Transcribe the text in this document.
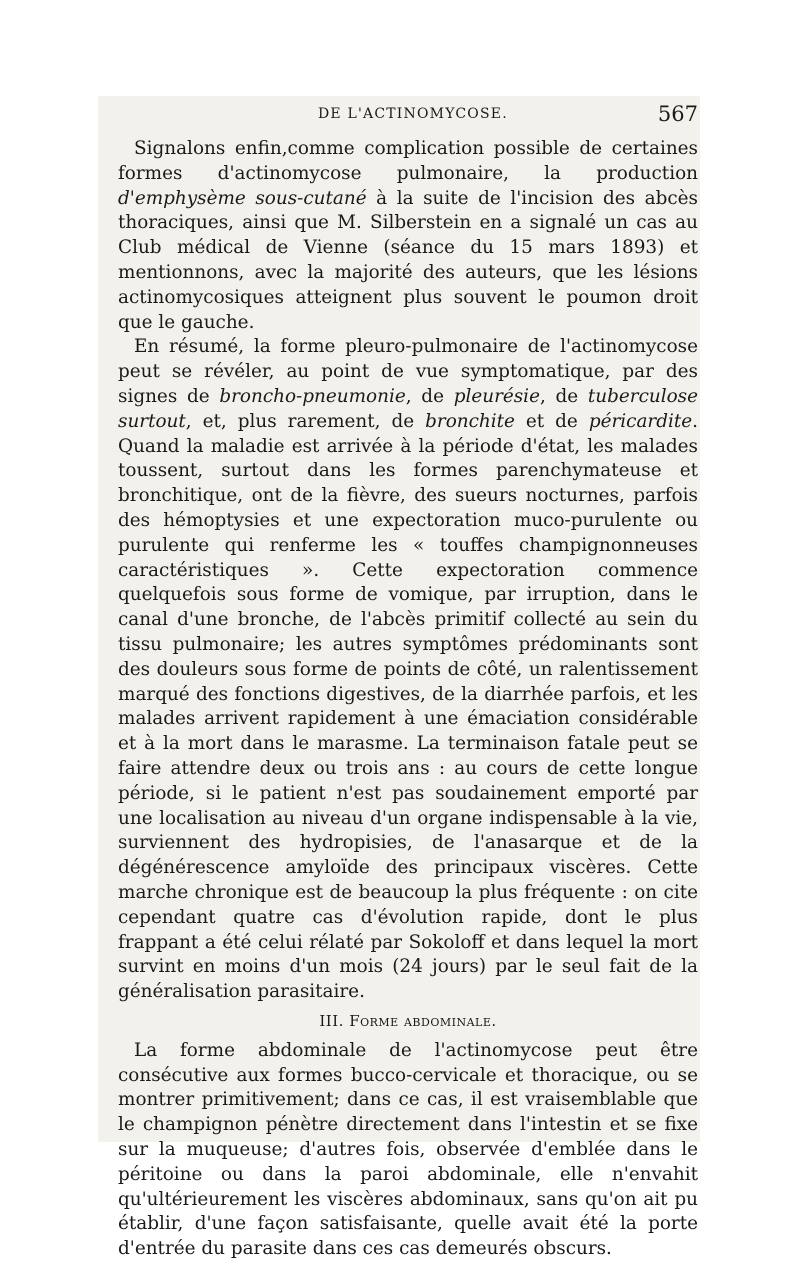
DE L'ACTINOMYCOSE.	567

Signalons enfin,comme complication possible de certaines formes d'actinomycose pulmonaire, la production d'emphysème sous-cutané à la suite de l'incision des abcès thoraciques, ainsi que M. Silberstein en a signalé un cas au Club médical de Vienne (séance du 15 mars 1893) et mentionnons, avec la majorité des auteurs, que les lésions actinomycosiques atteignent plus souvent le poumon droit que le gauche.

En résumé, la forme pleuro-pulmonaire de l'actinomycose peut se révéler, au point de vue symptomatique, par des signes de broncho-pneumonie, de pleurésie, de tuberculose surtout, et, plus rarement, de bronchite et de péricardite. Quand la maladie est arrivée à la période d'état, les malades toussent, surtout dans les formes parenchymateuse et bronchitique, ont de la fièvre, des sueurs nocturnes, parfois des hémoptysies et une expectoration muco-purulente ou purulente qui renferme les « touffes champignonneuses caractéristiques ». Cette expectoration commence quelquefois sous forme de vomique, par irruption, dans le canal d'une bronche, de l'abcès primitif collecté au sein du tissu pulmonaire; les autres symptômes prédominants sont des douleurs sous forme de points de côté, un ralentissement marqué des fonctions digestives, de la diarrhée parfois, et les malades arrivent rapidement à une émaciation considérable et à la mort dans le marasme. La terminaison fatale peut se faire attendre deux ou trois ans : au cours de cette longue période, si le patient n'est pas soudainement emporté par une localisation au niveau d'un organe indispensable à la vie, surviennent des hydropisies, de l'anasarque et de la dégénérescence amyloïde des principaux viscères. Cette marche chronique est de beaucoup la plus fréquente : on cite cependant quatre cas d'évolution rapide, dont le plus frappant a été celui rélaté par Sokoloff et dans lequel la mort survint en moins d'un mois (24 jours) par le seul fait de la généralisation parasitaire.

III. Forme abdominale.

La forme abdominale de l'actinomycose peut être consécutive aux formes bucco-cervicale et thoracique, ou se montrer primitivement; dans ce cas, il est vraisemblable que le champignon pénètre directement dans l'intestin et se fixe sur la muqueuse; d'autres fois, observée d'emblée dans le péritoine ou dans la paroi abdominale, elle n'envahit qu'ultérieurement les viscères abdominaux, sans qu'on ait pu établir, d'une façon satisfaisante, quelle avait été la porte d'entrée du parasite dans ces cas demeurés obscurs.
